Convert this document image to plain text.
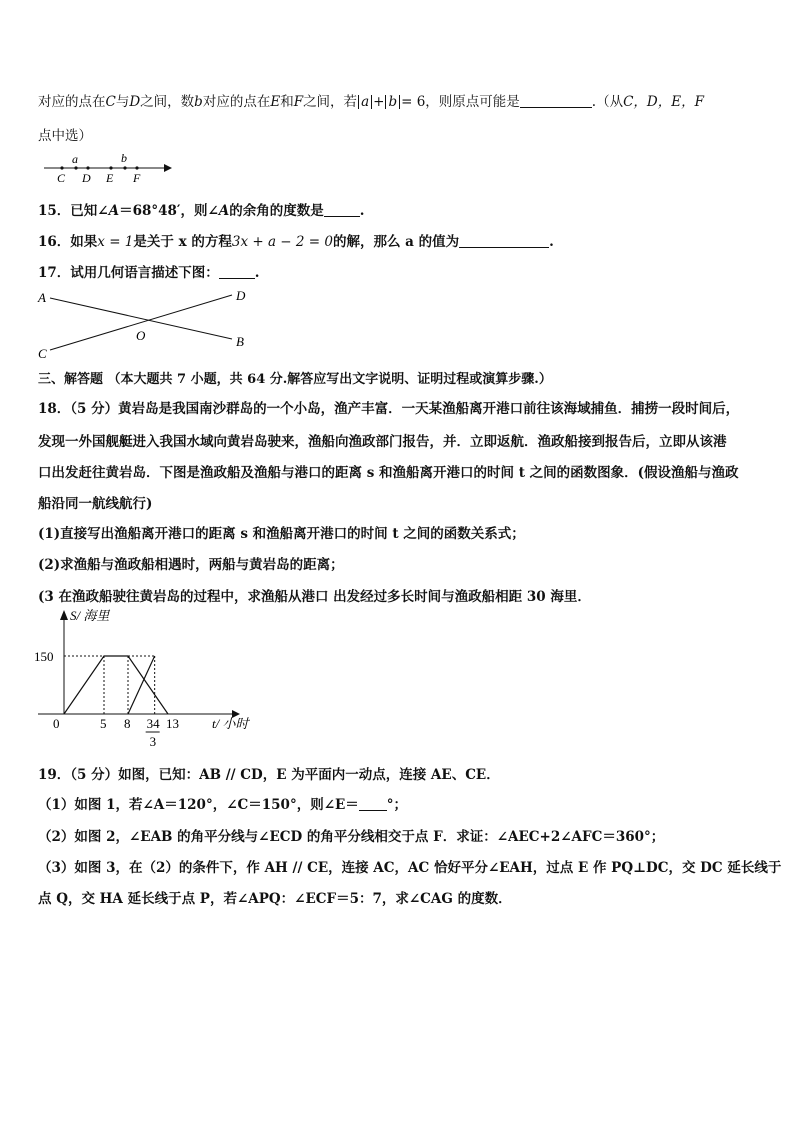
对应的点在C与D之间，数b对应的点在E和F之间，若 a + b = 6，则原点可能是	.（从C，D，E，F
点中选）
a	b
C D E F
15．已知∠A＝68°48′，则∠A的余角的度数是	.
16．如果x = 1是关于 x 的方程3x + a − 2 = 0的解，那么 a 的值为	.
17．试用几何语言描述下图：	.
A	D
O	B
C
三、解答题 （本大题共 7 小题，共 64 分.解答应写出文字说明、证明过程或演算步骤.）
18．（5 分）黄岩岛是我国南沙群岛的一个小岛，渔产丰富．一天某渔船离开港口前往该海域捕鱼．捕捞一段时间后，
发现一外国舰艇进入我国水域向黄岩岛驶来，渔船向渔政部门报告，并．立即返航．渔政船接到报告后，立即从该港
口出发赶往黄岩岛．下图是渔政船及渔船与港口的距离 s 和渔船离开港口的时间 t 之间的函数图象．(假设渔船与渔政
船沿同一航线航行)
(1)直接写出渔船离开港口的距离 s 和渔船离开港口的时间 t 之间的函数关系式；
(2)求渔船与渔政船相遇时，两船与黄岩岛的距离；
(3 在渔政船驶往黄岩岛的过程中，求渔船从港口 出发经过多长时间与渔政船相距 30 海里．
S/ 海里
t/ 小时
150
0	5 8 34 13
3
19．（5 分）如图，已知：AB // CD，E 为平面内一动点，连接 AE、CE．
（1）如图 1，若∠A＝120°，∠C＝150°，则∠E＝ °；
（2）如图 2，∠EAB 的角平分线与∠ECD 的角平分线相交于点 F．求证：∠AEC+2∠AFC＝360°；
（3）如图 3，在（2）的条件下，作 AH // CE，连接 AC，AC 恰好平分∠EAH，过点 E 作 PQ⊥DC，交 DC 延长线于
点 Q，交 HA 延长线于点 P，若∠APQ：∠ECF＝5：7，求∠CAG 的度数．
